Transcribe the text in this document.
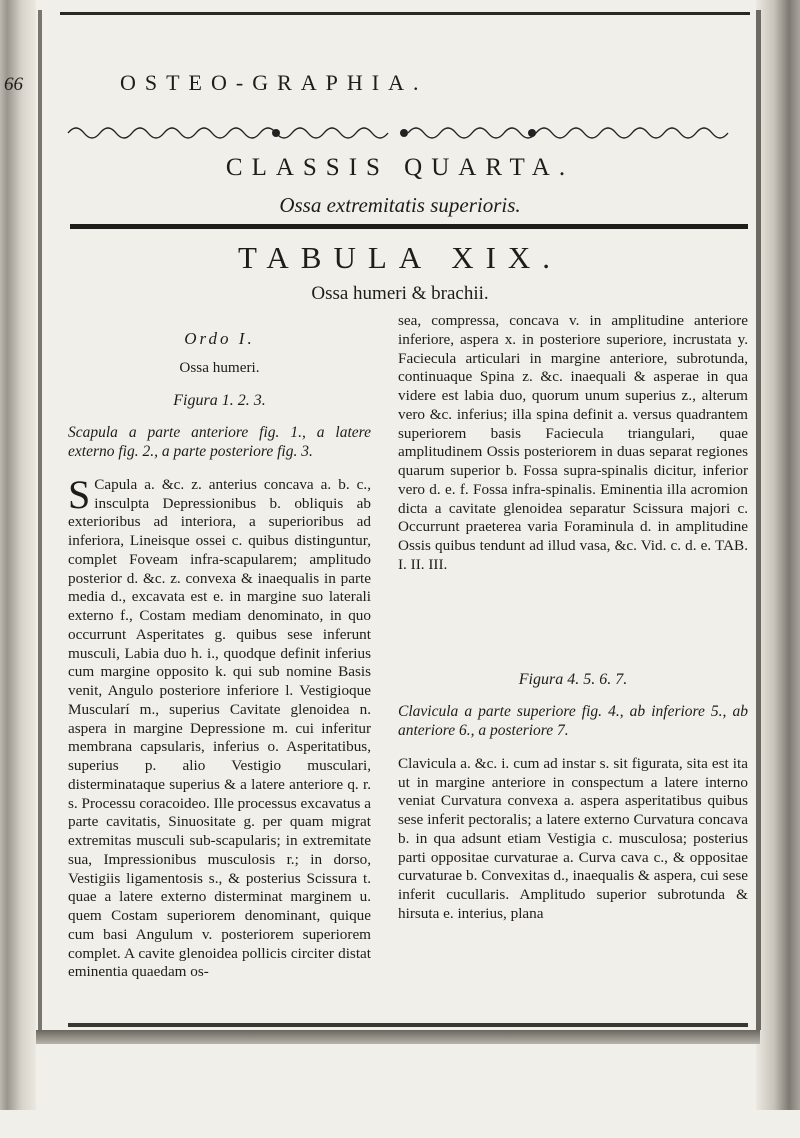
66	OSTEO-GRAPHIA.
CLASSIS QUARTA.
Ossa extremitatis superioris.
TABULA XIX.
Ossa humeri & brachii.

Ordo I.

Ossa humeri.

Figura 1. 2. 3.

Scapula a parte anteriore fig. 1., a latere externo fig. 2., a parte posteriore fig. 3.

S Capula a. &c. z. anterius concava a. b. c., insculpta Depressionibus b. obliquis ab exterioribus ad interiora, a superioribus ad inferiora, Lineisque ossei c. quibus distinguntur, complet Foveam infra-scapularem; amplitudo posterior d. &c. z. convexa & inaequalis in parte media d., excavata est e. in margine suo laterali externo f., Costam mediam denominato, in quo occurrunt Asperitates g. quibus sese inferunt musculi, Labia duo h. i., quodque definit inferius cum margine opposito k. qui sub nomine Basis venit, Angulo posteriore inferiore l. Vestigioque Muscularí m., superius Cavitate glenoidea n. aspera in margine Depressione m. cui inferitur membrana capsularis, inferius o. Asperitatibus, superius p. alio Vestigio musculari, disterminataque superius & a latere anteriore q. r. s. Processu coracoideo. Ille processus excavatus a parte cavitatis, Sinuositate g. per quam migrat extremitas musculi sub-scapularis; in extremitate sua, Impressionibus musculosis r.; in dorso, Vestigiis ligamentosis s., & posterius Scissura t. quae a latere externo disterminat marginem u. quem Costam superiorem denominant, quique cum basi Angulum v. posteriorem superiorem complet. A cavite glenoidea pollicis circiter distat eminentia quaedam os-

sea, compressa, concava v. in amplitudine anteriore inferiore, aspera x. in posteriore superiore, incrustata y. Faciecula articulari in margine anteriore, subrotunda, continuaque Spina z. &c. inaequali & asperae in qua videre est labia duo, quorum unum superius z., alterum vero &c. inferius; illa spina definit a. versus quadrantem superiorem basis Faciecula triangulari, quae amplitudinem Ossis posteriorem in duas separat regiones quarum superior b. Fossa supra-spinalis dicitur, inferior vero d. e. f. Fossa infra-spinalis. Eminentia illa acromion dicta a cavitate glenoidea separatur Scissura majori c. Occurrunt praeterea varia Foraminula d. in amplitudine Ossis quibus tendunt ad illud vasa, &c. Vid. c. d. e. TAB. I. II. III.

Figura 4. 5. 6. 7.

Clavicula a parte superiore fig. 4., ab inferiore 5., ab anteriore 6., a posteriore 7.

Clavicula a. &c. i. cum ad instar s. sit figurata, sita est ita ut in margine anteriore in conspectum a latere interno veniat Curvatura convexa a. aspera asperitatibus quibus sese inferit pectoralis; a latere externo Curvatura concava b. in qua adsunt etiam Vestigia c. musculosa; posterius parti oppositae curvaturae a. Curva cava c., & oppositae curvaturae b. Convexitas d., inaequalis & aspera, cui sese inferit cucullaris. Amplitudo superior subrotunda & hirsuta e. interius, plana
